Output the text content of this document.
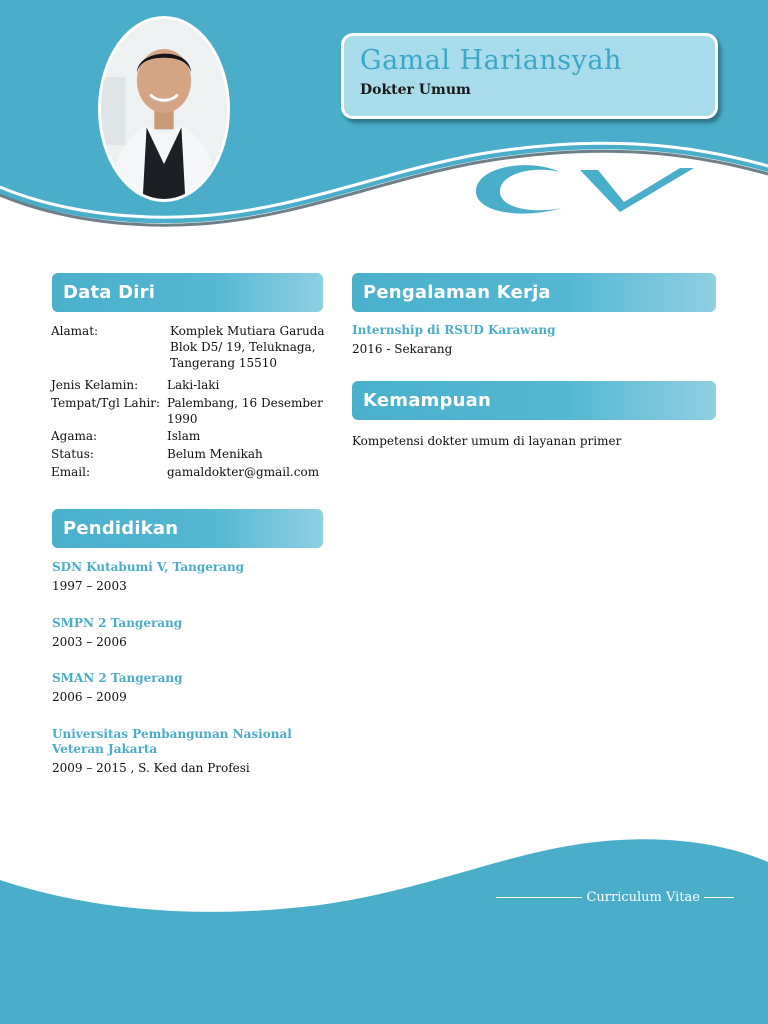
Gamal Hariansyah
Dokter Umum
Data Diri	Pengalaman Kerja
Kemampuan
Pendidikan
Alamat:	Komplek Mutiara Garuda Blok D5/ 19, Teluknaga, Tangerang 15510
Jenis Kelamin: Laki-laki
Tempat/Tgl Lahir: Palembang, 16 Desember 1990
Agama:	Islam
Status:	Belum Menikah
Email:	gamaldokter@gmail.com
SDN Kutabumi V, Tangerang
1997 – 2003
SMPN 2 Tangerang
2003 – 2006
SMAN 2 Tangerang
2006 – 2009
Universitas Pembangunan Nasional Veteran Jakarta
2009 – 2015 , S. Ked dan Profesi
Internship di RSUD Karawang
2016 - Sekarang
Kompetensi dokter umum di layanan primer
Curriculum Vitae
